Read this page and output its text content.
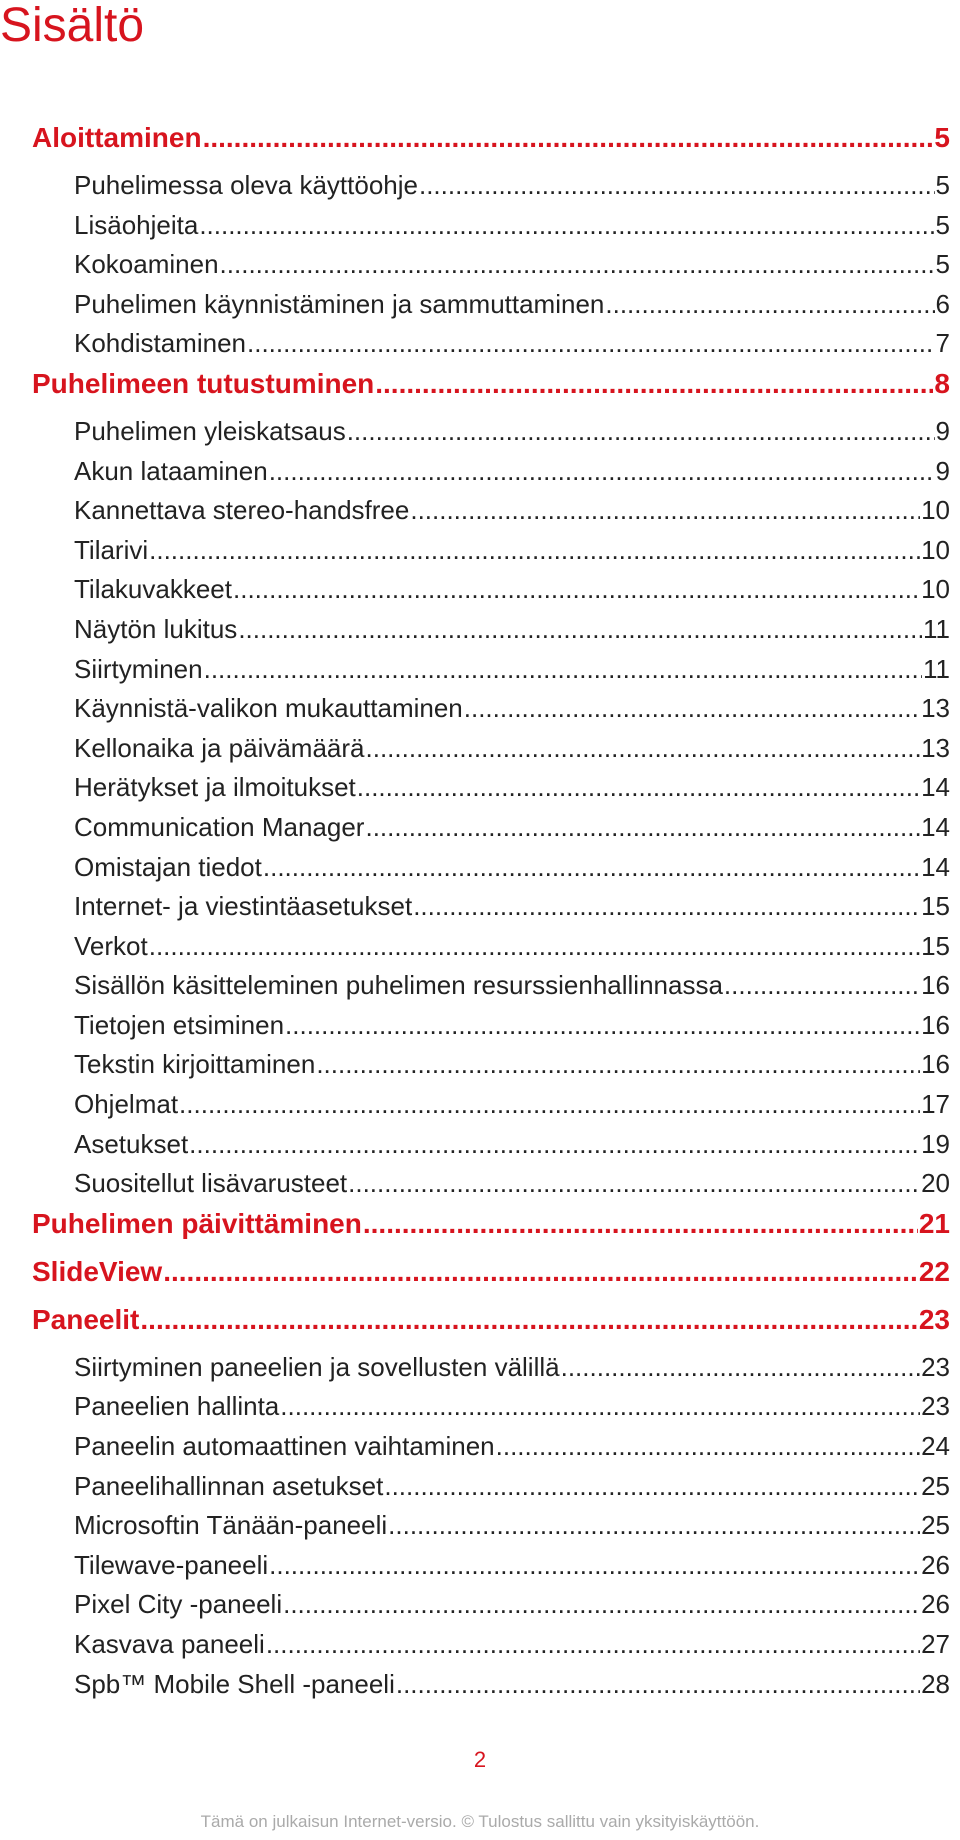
Sisältö
Aloittaminen .....	5
Puhelimessa oleva käyttöohje .....	5
Lisäohjeita .....	5
Kokoaminen .....	5
Puhelimen käynnistäminen ja sammuttaminen .....	6
Kohdistaminen .....	7
Puhelimeen tutustuminen .....	8
Puhelimen yleiskatsaus .....	9
Akun lataaminen .....	9
Kannettava stereo-handsfree .....	10
Tilarivi .....	10
Tilakuvakkeet .....	10
Näytön lukitus .....	11
Siirtyminen .....	11
Käynnistä-valikon mukauttaminen .....	13
Kellonaika ja päivämäärä .....	13
Herätykset ja ilmoitukset .....	14
Communication Manager .....	14
Omistajan tiedot .....	14
Internet- ja viestintäasetukset .....	15
Verkot .....	15
Sisällön käsitteleminen puhelimen resurssienhallinnassa .....	16
Tietojen etsiminen .....	16
Tekstin kirjoittaminen .....	16
Ohjelmat .....	17
Asetukset .....	19
Suositellut lisävarusteet .....	20
Puhelimen päivittäminen .....	21
SlideView .....	22
Paneelit .....	23
Siirtyminen paneelien ja sovellusten välillä .....	23
Paneelien hallinta .....	23
Paneelin automaattinen vaihtaminen .....	24
Paneelihallinnan asetukset .....	25
Microsoftin Tänään-paneeli .....	25
Tilewave-paneeli .....	26
Pixel City -paneeli .....	26
Kasvava paneeli .....	27
Spb™ Mobile Shell -paneeli .....	28
2
Tämä on julkaisun Internet-versio. © Tulostus sallittu vain yksityiskäyttöön.
